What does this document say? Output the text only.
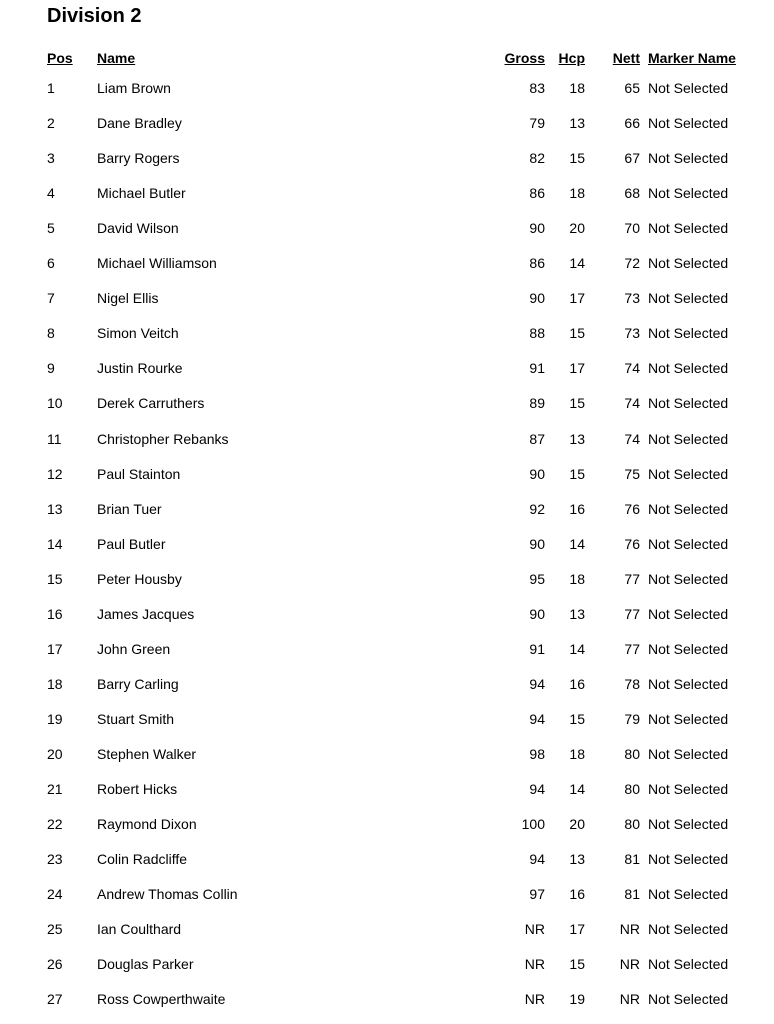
Division 2
Pos Name	Gross Hcp Nett Marker Name
1	Liam Brown	83 18	65 Not Selected
2	Dane Bradley	79 13	66 Not Selected
3	Barry Rogers	82 15	67 Not Selected
4	Michael Butler	86 18	68 Not Selected
5	David Wilson	90 20	70 Not Selected
6	Michael Williamson	86 14	72 Not Selected
7	Nigel Ellis	90 17	73 Not Selected
8	Simon Veitch	88 15	73 Not Selected
9	Justin Rourke	91 17	74 Not Selected
10 Derek Carruthers	89 15	74 Not Selected
11	Christopher Rebanks	87 13	74 Not Selected
12 Paul Stainton	90 15	75 Not Selected
13 Brian Tuer	92 16	76 Not Selected
14 Paul Butler	90 14	76 Not Selected
15 Peter Housby	95 18	77 Not Selected
16 James Jacques	90 13	77 Not Selected
17 John Green	91 14	77 Not Selected
18 Barry Carling	94 16	78 Not Selected
19 Stuart Smith	94 15	79 Not Selected
20 Stephen Walker	98 18	80 Not Selected
21 Robert Hicks	94 14	80 Not Selected
22 Raymond Dixon	100 20	80 Not Selected
23 Colin Radcliffe	94 13	81 Not Selected
24 Andrew Thomas Collin	97 16	81 Not Selected
25 Ian Coulthard	NR 17 NR Not Selected
26 Douglas Parker	NR 15 NR Not Selected
27 Ross Cowperthwaite	NR 19 NR Not Selected
